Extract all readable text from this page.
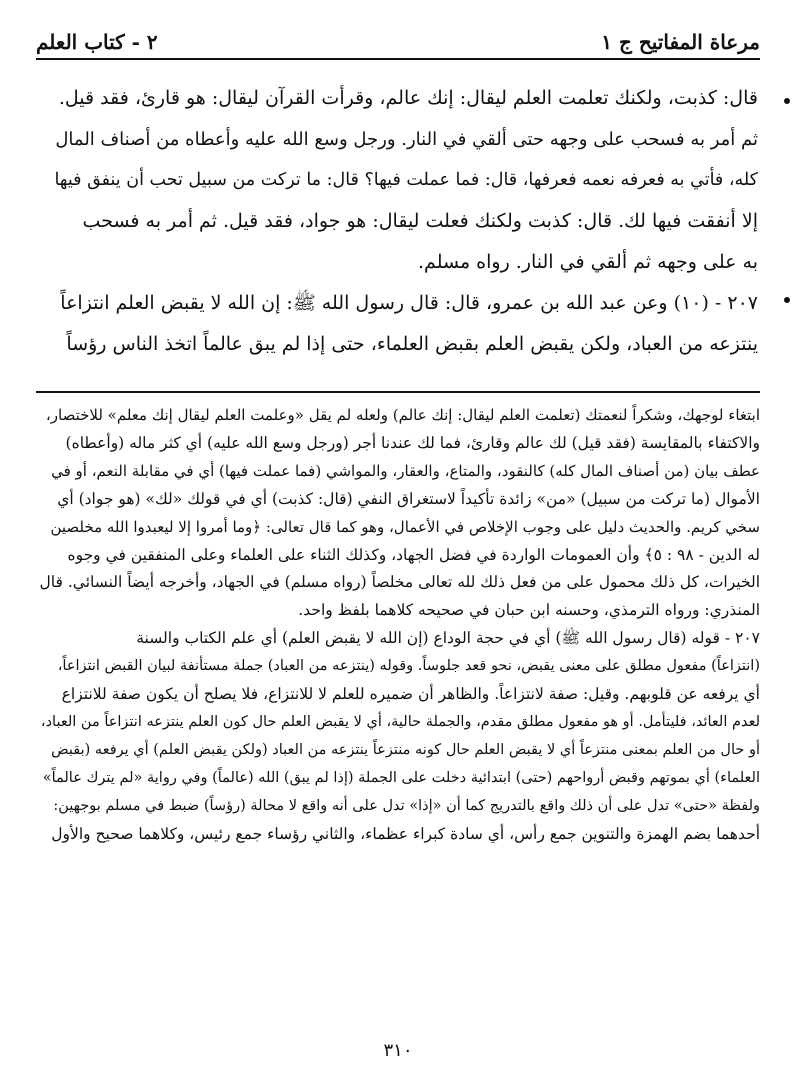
مرعاة المفاتيح ج ١
٢ - كتاب العلم

قال: كذبت، ولكنك تعلمت العلم ليقال: إنك عالم، وقرأت القرآن ليقال: هو قارئ، فقد قيل.

ثم أمر به فسحب على وجهه حتى ألقي في النار. ورجل وسع الله عليه وأعطاه من أصناف المال

كله، فأتي به فعرفه نعمه فعرفها، قال: فما عملت فيها؟ قال: ما تركت من سبيل تحب أن ينفق فيها

إلا أنفقت فيها لك. قال: كذبت ولكنك فعلت ليقال: هو جواد، فقد قيل. ثم أمر به فسحب

به على وجهه ثم ألقي في النار. رواه مسلم.

٢٠٧ - (١٠) وعن عبد الله بن عمرو، قال: قال رسول الله ﷺ: إن الله لا يقبض العلم انتزاعاً

ينتزعه من العباد، ولكن يقبض العلم بقبض العلماء، حتى إذا لم يبق عالماً اتخذ الناس رؤساً

ابتغاء لوجهك، وشكراً لنعمتك (تعلمت العلم ليقال: إنك عالم) ولعله لم يقل «وعلمت العلم ليقال إنك معلم» للاختصار،

والاكتفاء بالمقايسة (فقد قيل) لك عالم وقارئ، فما لك عندنا أجر (ورجل وسع الله عليه) أي كثر ماله (وأعطاه)

عطف بيان (من أصناف المال كله) كالنقود، والمتاع، والعقار، والمواشي (فما عملت فيها) أي في مقابلة النعم، أو في

الأموال (ما تركت من سبيل) «من» زائدة تأكيداً لاستغراق النفي (قال: كذبت) أي في قولك «لك» (هو جواد) أي

سخي كريم. والحديث دليل على وجوب الإخلاص في الأعمال، وهو كما قال تعالى: ﴿وما أمروا إلا ليعبدوا الله مخلصين

له الدين - ٩٨ : ٥﴾ وأن العمومات الواردة في فضل الجهاد، وكذلك الثناء على العلماء وعلى المنفقين في وجوه

الخيرات، كل ذلك محمول على من فعل ذلك لله تعالى مخلصاً (رواه مسلم) في الجهاد، وأخرجه أيضاً النسائي. قال

المنذري: ورواه الترمذي، وحسنه ابن حبان في صحيحه كلاهما بلفظ واحد.

٢٠٧ - قوله (قال رسول الله ﷺ) أي في حجة الوداع (إن الله لا يقبض العلم) أي علم الكتاب والسنة

(انتزاعاً) مفعول مطلق على معنى يقبض، نحو قعد جلوساً. وقوله (ينتزعه من العباد) جملة مستأنفة لبيان القبض انتزاعاً،

أي يرفعه عن قلوبهم. وقيل: صفة لانتزاعاً. والظاهر أن ضميره للعلم لا للانتزاع، فلا يصلح أن يكون صفة للانتزاع

لعدم العائد، فليتأمل. أو هو مفعول مطلق مقدم، والجملة حالية، أي لا يقبض العلم حال كون العلم ينتزعه انتزاعاً من العباد،

أو حال من العلم بمعنى منتزعاً أي لا يقبض العلم حال كونه منتزعاً ينتزعه من العباد (ولكن يقبض العلم) أي يرفعه (بقبض

العلماء) أي بموتهم وقبض أرواحهم (حتى) ابتدائية دخلت على الجملة (إذا لم يبق) الله (عالماً) وفي رواية «لم يترك عالماً»

ولفظة «حتى» تدل على أن ذلك واقع بالتدريج كما أن «إذا» تدل على أنه واقع لا محالة (رؤساً) ضبط في مسلم بوجهين:

أحدهما بضم الهمزة والتنوين جمع رأس، أي سادة كبراء عظماء، والثاني رؤساء جمع رئيس، وكلاهما صحيح والأول

٣١٠
